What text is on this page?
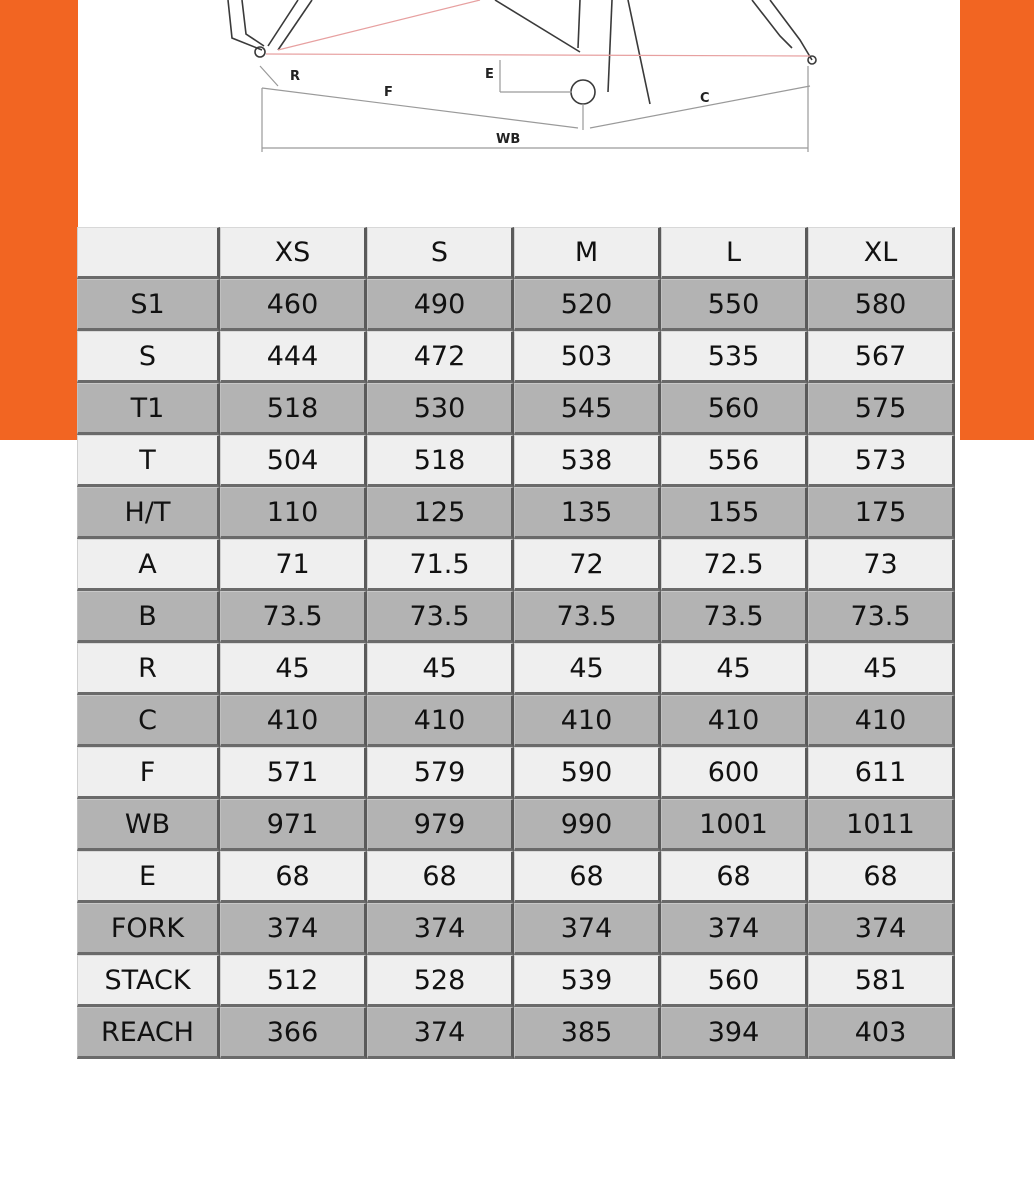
R
F
E
C
WB
	XS	S	M	L	XL
S1	460	490	520	550	580
S	444	472	503	535	567
T1	518	530	545	560	575
T	504	518	538	556	573
H/T	110	125	135	155	175
A	71	71.5	72	72.5	73
B	73.5	73.5	73.5	73.5	73.5
R	45	45	45	45	45
C	410	410	410	410	410
F	571	579	590	600	611
WB	971	979	990	1001	1011
E	68	68	68	68	68
FORK	374	374	374	374	374
STACK	512	528	539	560	581
REACH	366	374	385	394	403
